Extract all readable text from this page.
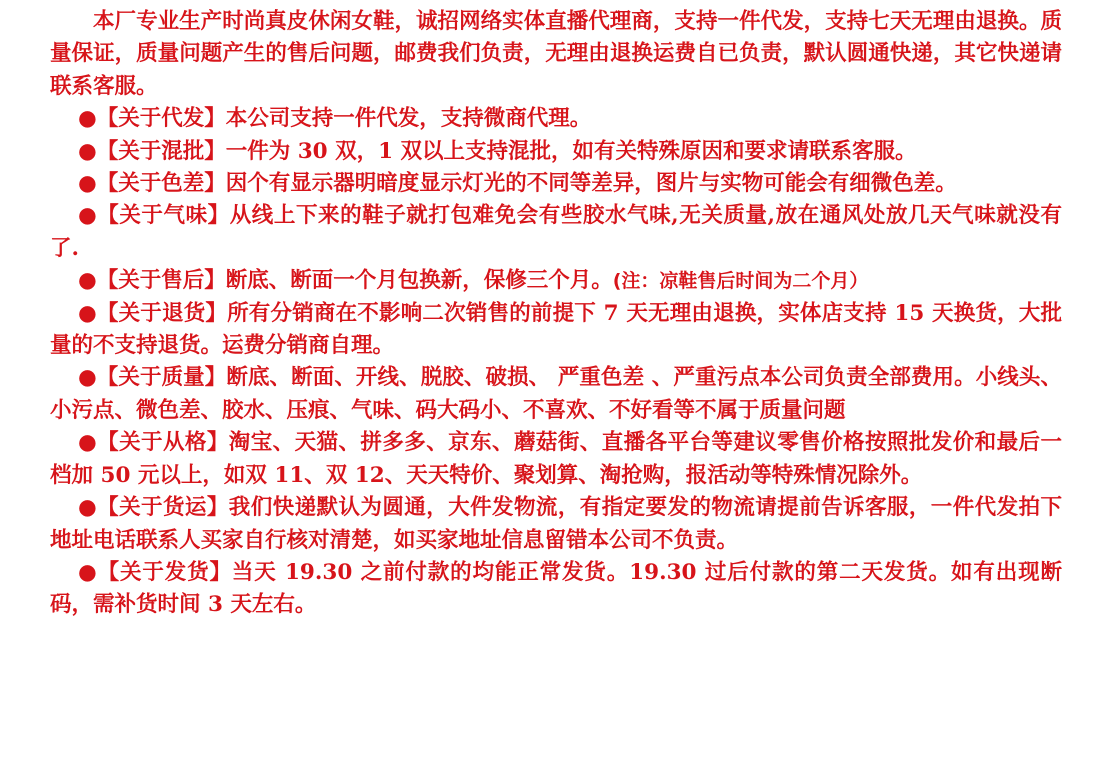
本厂专业生产时尚真皮休闲女鞋，诚招网络实体直播代理商，支持一件代发，支持七天无理由退换。质量保证，质量问题产生的售后问题，邮费我们负责，无理由退换运费自已负责，默认圆通快递，其它快递请联系客服。

●【关于代发】本公司支持一件代发，支持微商代理。

●【关于混批】一件为 30 双，1 双以上支持混批，如有关特殊原因和要求请联系客服。

●【关于色差】因个有显示器明暗度显示灯光的不同等差异，图片与实物可能会有细微色差。

●【关于气味】从线上下来的鞋子就打包难免会有些胶水气味,无关质量,放在通风处放几天气味就没有了.

●【关于售后】断底、断面一个月包换新，保修三个月。(注：凉鞋售后时间为二个月）

●【关于退货】所有分销商在不影响二次销售的前提下 7 天无理由退换，实体店支持 15 天换货，大批量的不支持退货。运费分销商自理。

●【关于质量】断底、断面、开线、脱胶、破损、 严重色差 、严重污点本公司负责全部费用。小线头、小污点、微色差、胶水、压痕、气味、码大码小、不喜欢、不好看等不属于质量问题

●【关于从格】淘宝、天猫、拼多多、京东、蘑菇街、直播各平台等建议零售价格按照批发价和最后一档加 50 元以上，如双 11、双 12、天天特价、聚划算、淘抢购，报活动等特殊情况除外。

●【关于货运】我们快递默认为圆通，大件发物流，有指定要发的物流请提前告诉客服，一件代发拍下地址电话联系人买家自行核对清楚，如买家地址信息留错本公司不负责。

●【关于发货】当天 19.30 之前付款的均能正常发货。19.30 过后付款的第二天发货。如有出现断码，需补货时间 3 天左右。
